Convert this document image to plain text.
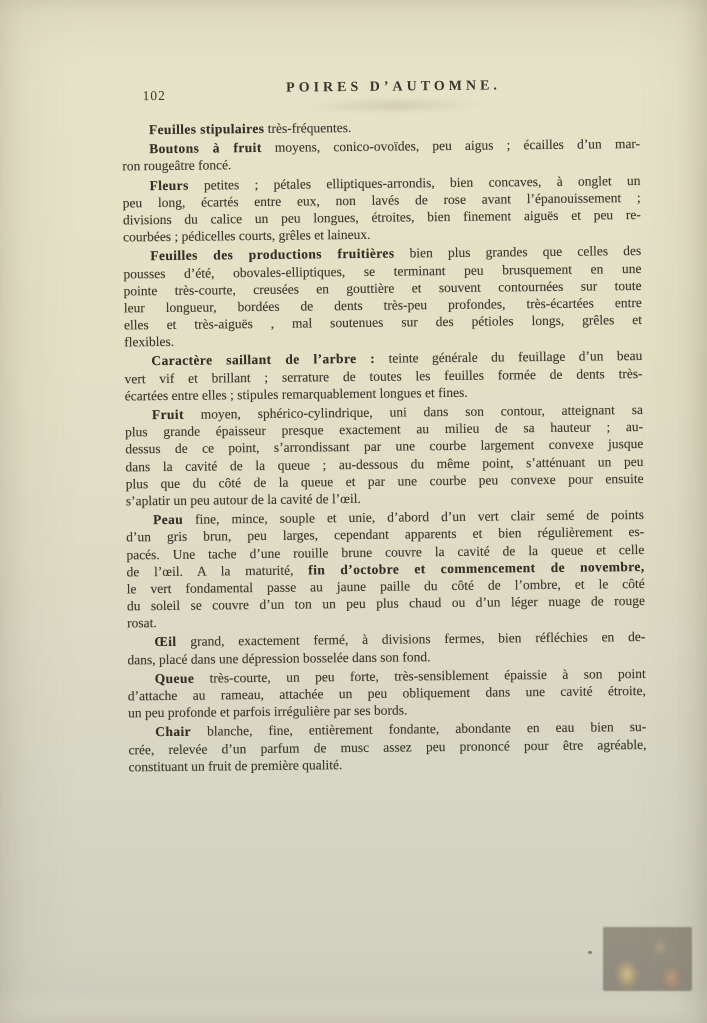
102	POIRES D’AUTOMNE.
Feuilles stipulaires très-fréquentes.
Boutons à fruit moyens, conico-ovoïdes, peu aigus ; écailles d’un mar-
ron rougeâtre foncé.
Fleurs petites ; pétales elliptiques-arrondis, bien concaves, à onglet un
peu long, écartés entre eux, non lavés de rose avant l’épanouissement ;
divisions du calice un peu longues, étroites, bien finement aiguës et peu re-
courbées ; pédicelles courts, grêles et laineux.
Feuilles des productions fruitières bien plus grandes que celles des
pousses d’été, obovales-elliptiques, se terminant peu brusquement en une
pointe très-courte, creusées en gouttière et souvent contournées sur toute
leur longueur, bordées de dents très-peu profondes, très-écartées entre
elles et très-aiguës , mal soutenues sur des pétioles longs, grêles et
flexibles.
Caractère saillant de l’arbre : teinte générale du feuillage d’un beau
vert vif et brillant ; serrature de toutes les feuilles formée de dents très-
écartées entre elles ; stipules remarquablement longues et fines.
Fruit moyen, sphérico-cylindrique, uni dans son contour, atteignant sa
plus grande épaisseur presque exactement au milieu de sa hauteur ; au-
dessus de ce point, s’arrondissant par une courbe largement convexe jusque
dans la cavité de la queue ; au-dessous du même point, s’atténuant un peu
plus que du côté de la queue et par une courbe peu convexe pour ensuite
s’aplatir un peu autour de la cavité de l’œil.
Peau fine, mince, souple et unie, d’abord d’un vert clair semé de points
d’un gris brun, peu larges, cependant apparents et bien régulièrement es-
pacés. Une tache d’une rouille brune couvre la cavité de la queue et celle
de l’œil. A la maturité, fin d’octobre et commencement de novembre,
le vert fondamental passe au jaune paille du côté de l’ombre, et le côté
du soleil se couvre d’un ton un peu plus chaud ou d’un léger nuage de rouge
rosat.
Œil grand, exactement fermé, à divisions fermes, bien réfléchies en de-
dans, placé dans une dépression bosselée dans son fond.
Queue très-courte, un peu forte, très-sensiblement épaissie à son point
d’attache au rameau, attachée un peu obliquement dans une cavité étroite,
un peu profonde et parfois irrégulière par ses bords.
Chair blanche, fine, entièrement fondante, abondante en eau bien su-
crée, relevée d’un parfum de musc assez peu prononcé pour être agréable,
constituant un fruit de première qualité.
